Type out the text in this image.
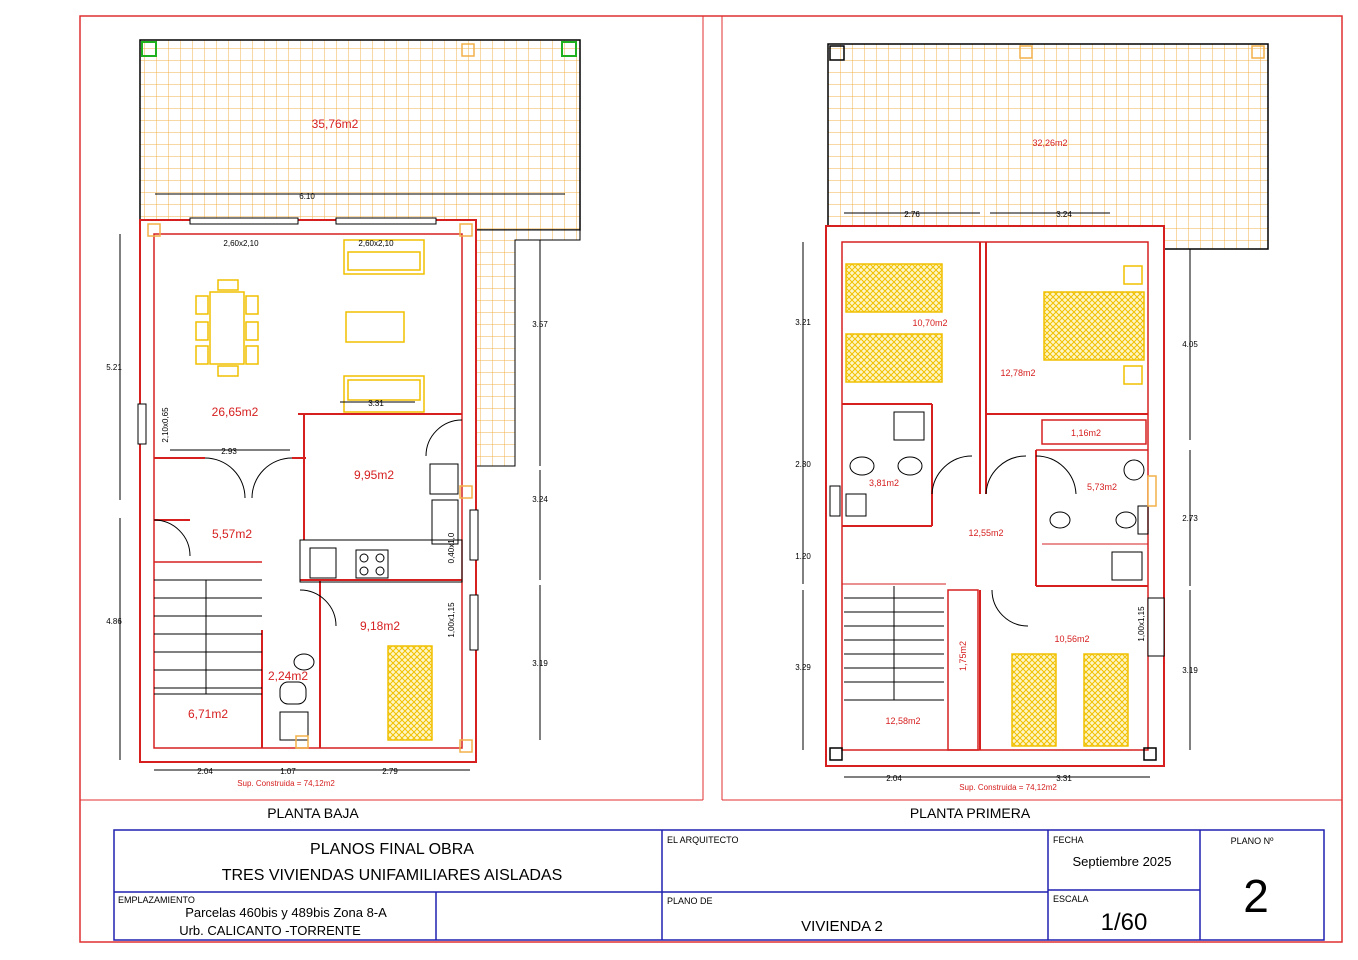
35,76m2
6.10
2,60x2,10	2,60x2,10
2,10x0,65
0,40x1,0
1,00x1,15
26,65m2
9,95m2
5,57m2
9,18m2
2,24m2
6,71m2
3.31
2.93
5.21
4.86
3.57
3.24
3.19
2.04	1.07	2.79
Sup. Construida = 74,12m2
PLANTA BAJA
32,26m2
2.76	3.24
10,70m2
12,78m2
1,16m2
3,81m2	5,73m2
12,55m2
10,56m2
12,58m2
1,75m2
1,00x1,15
3.21
2.30
1.20
3.29
4.05
2.73
3.19
2.04	3.31
Sup. Construida = 74,12m2
PLANTA PRIMERA
PLANOS FINAL OBRA
TRES VIVIENDAS UNIFAMILIARES AISLADAS
EL ARQUITECTO	FECHA
Septiembre 2025
PLANO Nº
2
EMPLAZAMIENTO
Parcelas 460bis y 489bis Zona 8-A
Urb. CALICANTO -TORRENTE
PLANO DE
VIVIENDA 2
ESCALA
1/60
